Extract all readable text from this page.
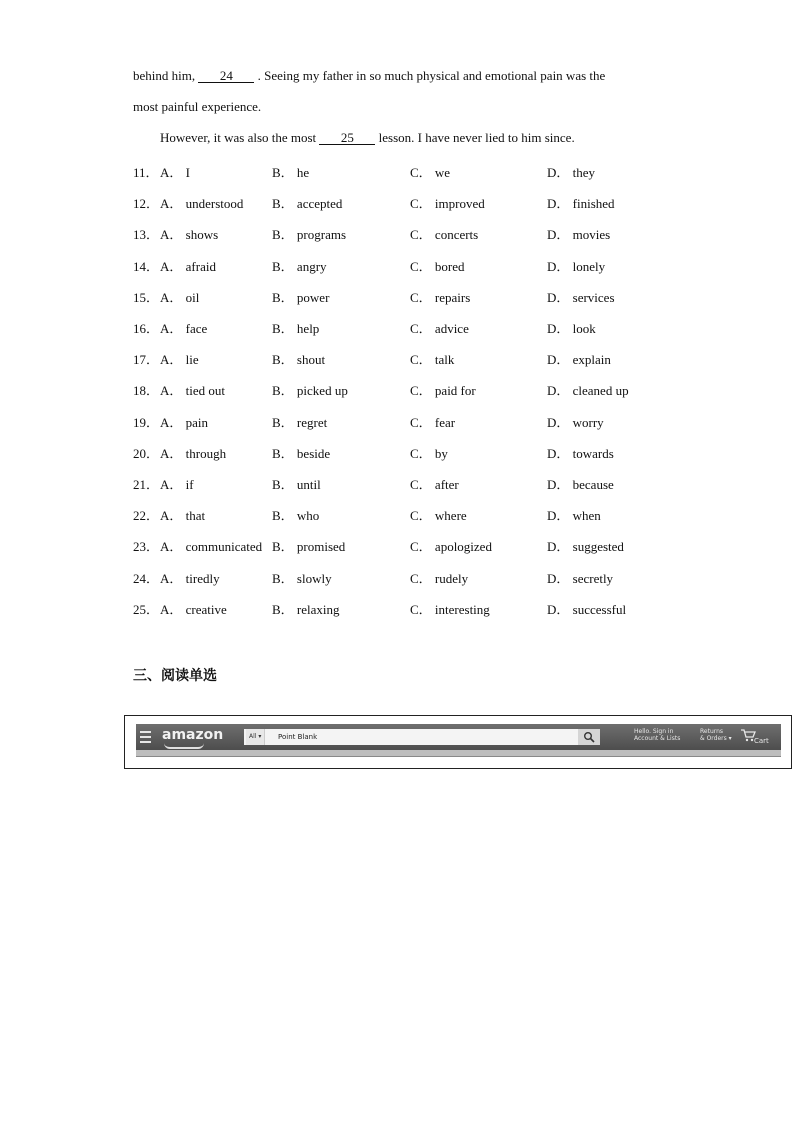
behind him, 24 . Seeing my father in so much physical and emotional pain was the
most painful experience.
However, it was also the most 25 lesson. I have never lied to him since.
11． A． I	B． he	C． we	D． they
12． A． understood B． accepted	C． improved	D． finished
13． A． shows	B． programs	C． concerts	D． movies
14． A． afraid	B． angry	C． bored	D． lonely
15． A． oil	B． power	C． repairs	D． services
16． A． face	B． help	C． advice	D． look
17． A． lie	B． shout	C． talk	D． explain
18． A． tied out	B． picked up	C． paid for	D． cleaned up
19． A． pain	B． regret	C． fear	D． worry
20． A． through	B． beside	C． by	D． towards
21． A． if	B． until	C． after	D． because
22． A． that	B． who	C． where	D． when
23． A． communicated B． promised	C． apologized	D． suggested
24． A． tiredly	B． slowly	C． rudely	D． secretly
25． A． creative	B． relaxing	C． interesting	D． successful
三、阅读单选
amazon	All ▾	Point Blank
Hello. Sign in
Account & Lists
Returns
& Orders ▾	Cart
